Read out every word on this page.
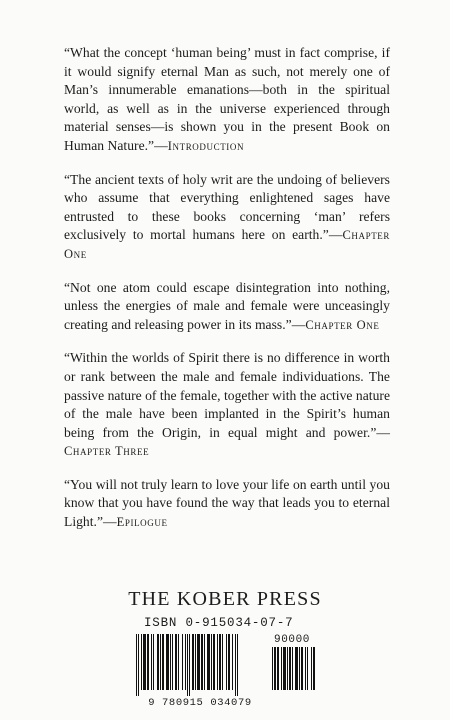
“What the concept ‘human being’ must in fact comprise, if it would signify eternal Man as such, not merely one of Man’s innumerable emanations—both in the spiritual world, as well as in the universe experienced through material senses—is shown you in the present Book on Human Nature.”—Introduction

“The ancient texts of holy writ are the undoing of believers who assume that everything enlightened sages have entrusted to these books concerning ‘man’ refers exclusively to mortal humans here on earth.”—Chapter One

“Not one atom could escape disintegration into nothing, unless the energies of male and female were unceasingly creating and releasing power in its mass.”—Chapter One

“Within the worlds of Spirit there is no difference in worth or rank between the male and female individuations. The passive nature of the female, together with the active nature of the male have been implanted in the Spirit’s human being from the Origin, in equal might and power.”—Chapter Three

“You will not truly learn to love your life on earth until you know that you have found the way that leads you to eternal Light.”—Epilogue

THE KOBER PRESS
ISBN 0-915034-07-7
90000
9 780915 034079
